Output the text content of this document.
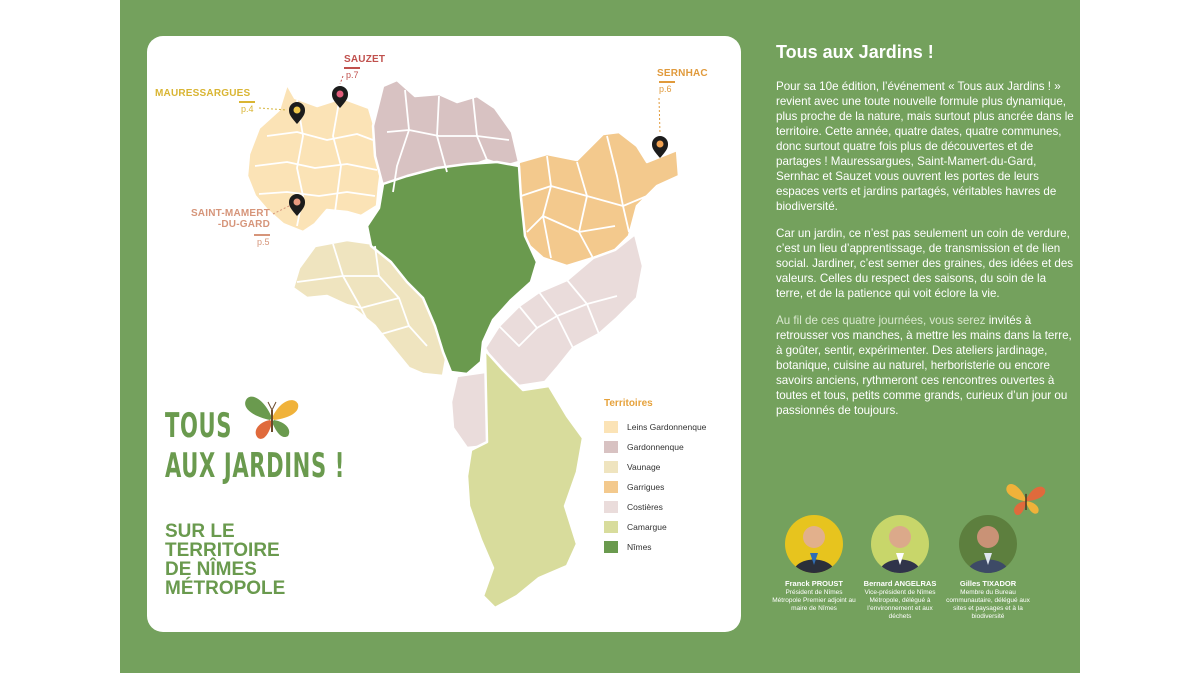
MAURESSARGUES
p.4
SAUZET
p.7	SERNHAC
p.6
SAINT-MAMERT
-DU-GARD
p.5
Territoires
Leins Gardonnenque
Gardonnenque
Vaunage
Garrigues
Costières
Camargue
Nîmes
TOUS
AUX JARDINS !
SUR LE
TERRITOIRE
DE NÎMES
MÉTROPOLE
Tous aux Jardins !

Pour sa 10e édition, l’événement « Tous aux Jardins ! » revient avec une toute nouvelle formule plus dynamique, plus proche de la nature, mais surtout plus ancrée dans le territoire. Cette année, quatre dates, quatre communes, donc surtout quatre fois plus de découvertes et de partages ! Mauressargues, Saint-Mamert-du-Gard, Sernhac et Sauzet vous ouvrent les portes de leurs espaces verts et jardins partagés, véritables havres de biodiversité.

Car un jardin, ce n’est pas seulement un coin de verdure, c’est un lieu d’apprentissage, de transmission et de lien social. Jardiner, c’est semer des graines, des idées et des valeurs. Celles du respect des saisons, du soin de la terre, et de la patience qui voit éclore la vie.

Au fil de ces quatre journées, vous serez invités à retrousser vos manches, à mettre les mains dans la terre, à goûter, sentir, expérimenter. Des ateliers jardinage, botanique, cuisine au naturel, herboristerie ou encore savoirs anciens, rythmeront ces rencontres ouvertes à toutes et tous, petits comme grands, curieux d’un jour ou passionnés de toujours.

Franck PROUST
Président de Nîmes Métropole Premier adjoint au maire de Nîmes
Bernard ANGELRAS
Vice-président de Nîmes Métropole, délégué à l’environnement et aux déchets
Gilles TIXADOR
Membre du Bureau communautaire, délégué aux sites et paysages et à la biodiversité
